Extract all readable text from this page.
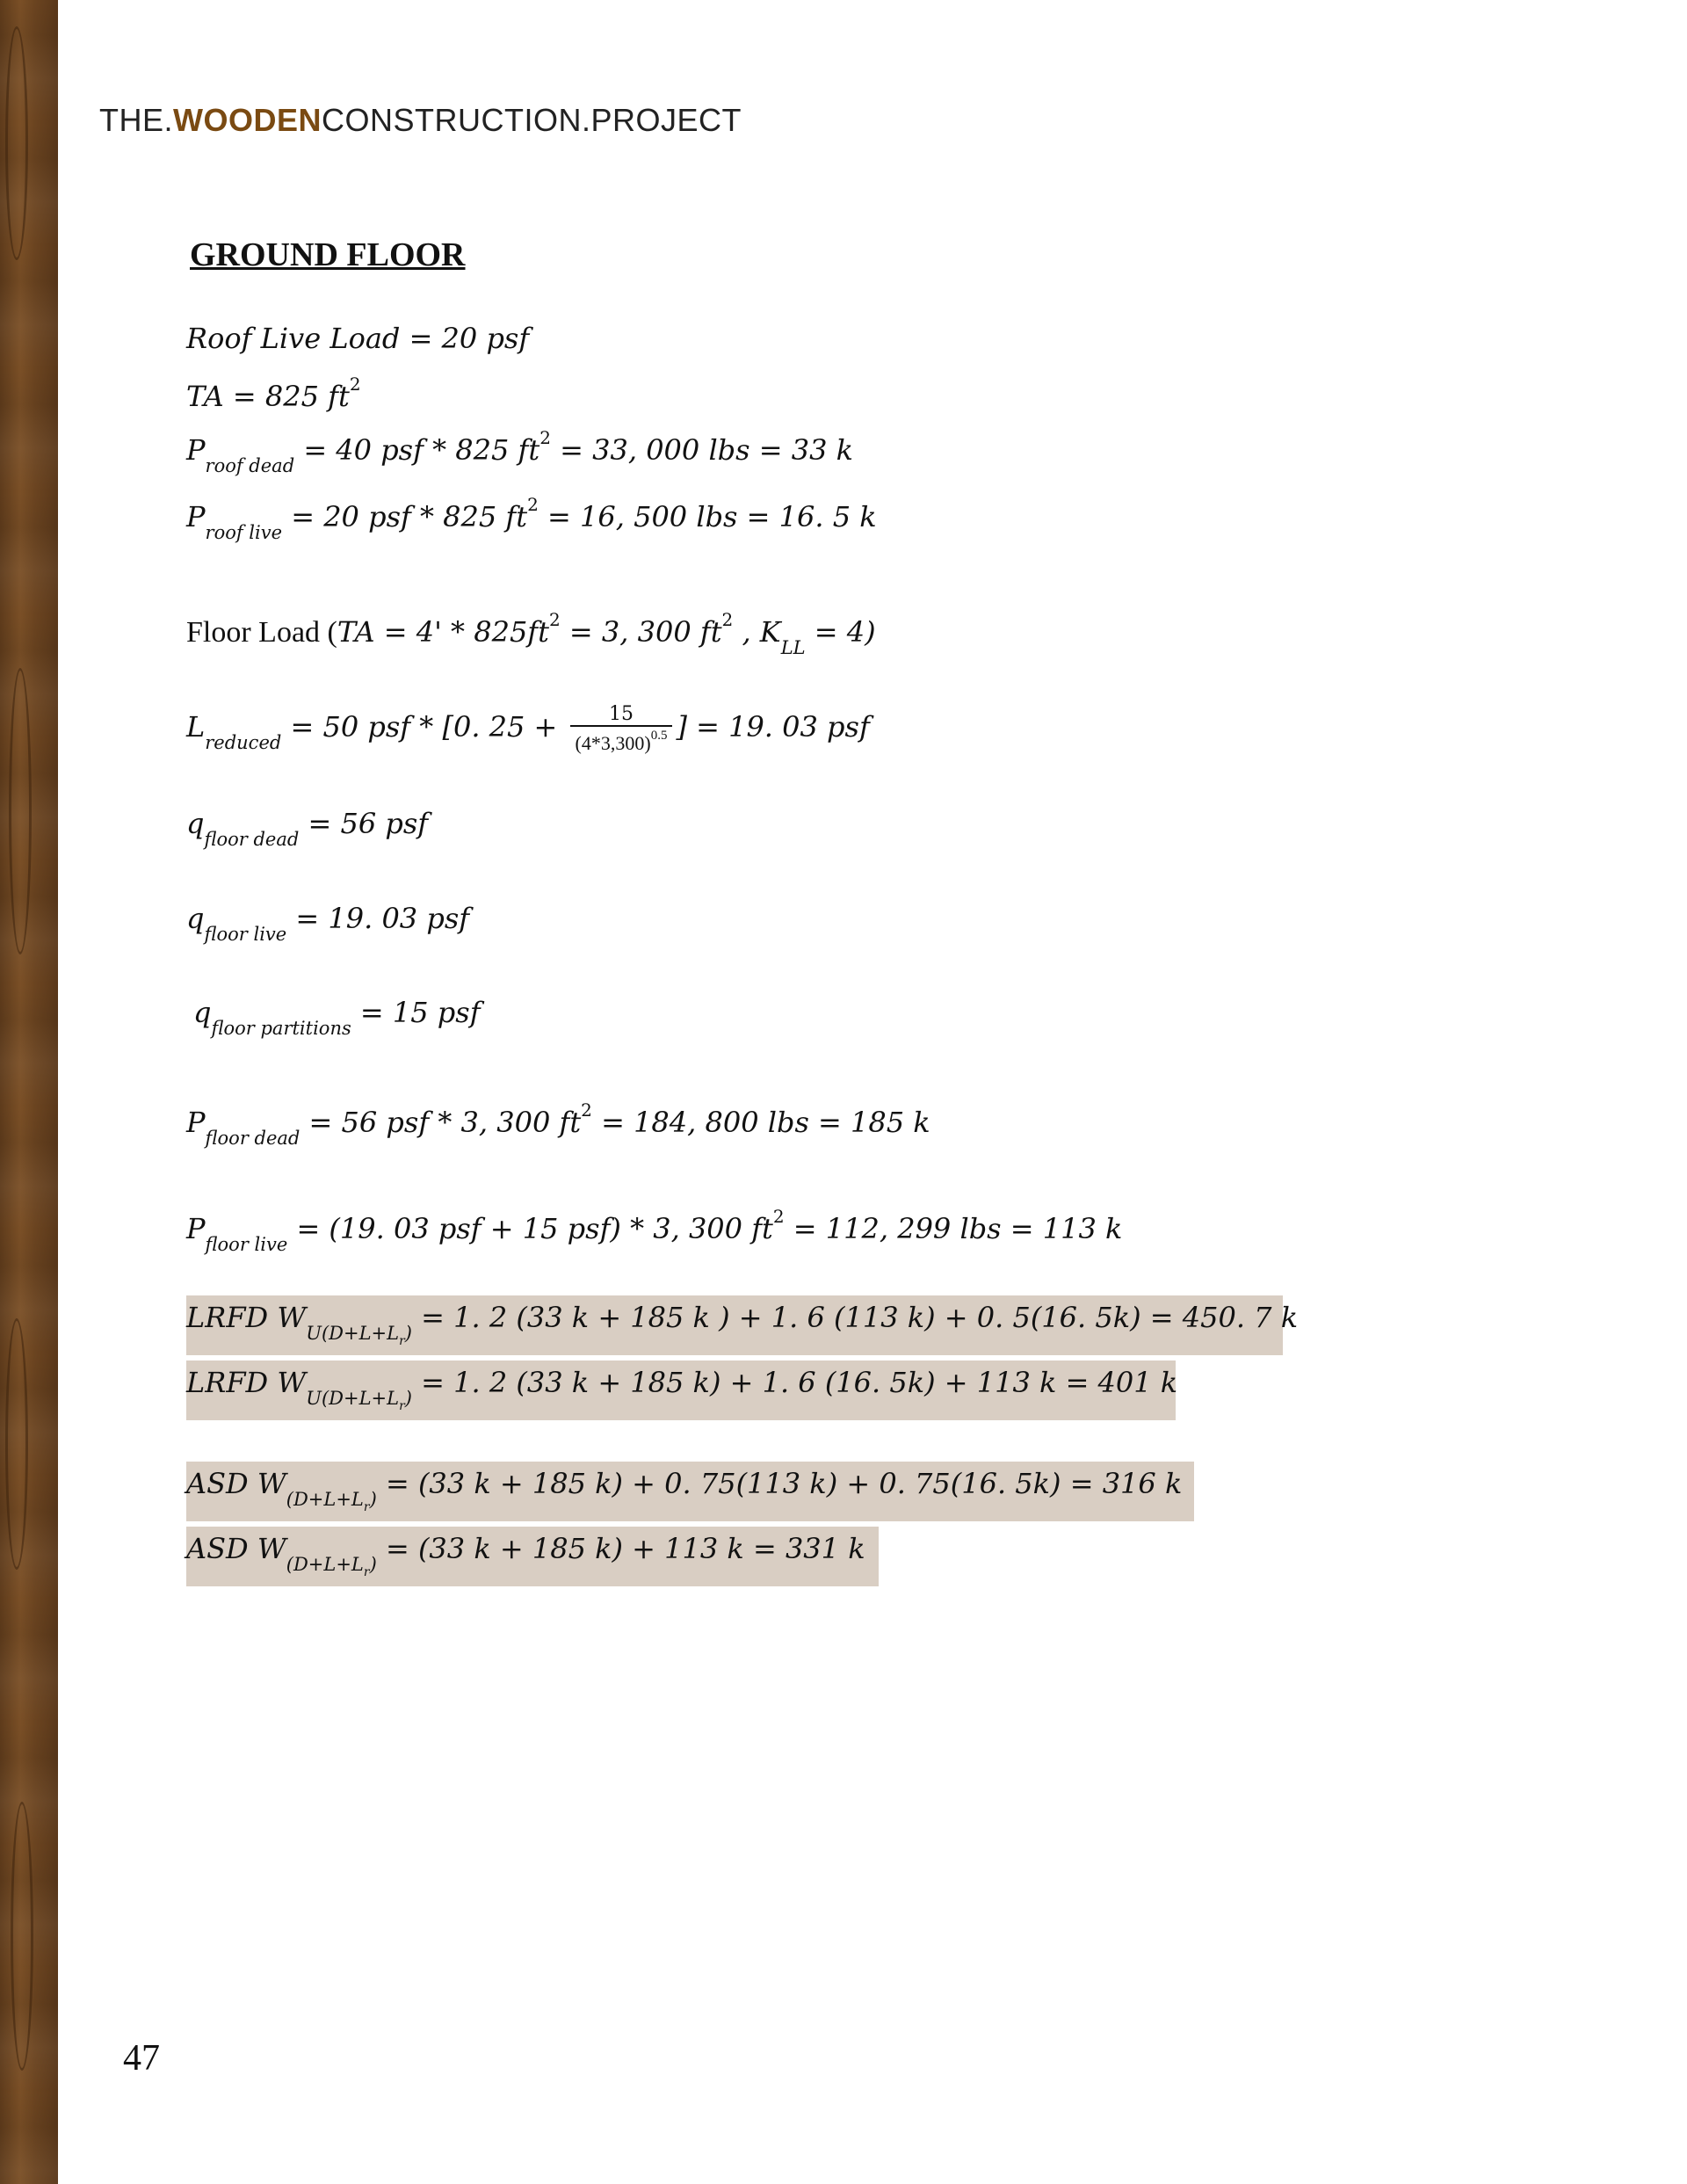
THE.WOODENCONSTRUCTION.PROJECT
GROUND FLOOR
Roof Live Load = 20 psf
TA = 825 $ft^2$
$P_{roof dead} = 40$ psf * 825 $ft^2 = 33$, 000 lbs = 33 k
$P_{roof live} = 20$ psf * 825 $ft^2 = 16$, 500 lbs = 16. 5 k
Floor Load ($TA = 4' * 825ft^2 = 3$, 300 $ft^2$ , $K_{LL} = 4$)
$L_{reduced} = 50$ psf * [0. $25 + \frac{15}{(4*3,300)^{0.5}}$ ] = 19. 03 psf
$q_{floor dead} = 56$ psf
$q_{floor live} = 19$. 03 psf
$q_{floor partitions} = 15$ psf
$P_{floor dead} = 56$ psf * 3, 300 $ft^2 = 184$, 800 lbs = 185 k
$P_{floor live} = (19$. 03 psf + 15 psf) * 3, 300 $ft^2 = 112$, 299 lbs = 113 k
LRFD $W_{U(D+L+L_r)} = 1$. 2 (33 k + 185 k ) + 1. 6 (113 k) + 0. 5(16. 5k) = 450. 7 k
LRFD $W_{U(D+L+L_r)} = 1$. 2 (33 k + 185 k) + 1. 6 (16. 5k) + 113 k = 401 k
ASD $W_{(D+L+L_r)} = (33$ k + 185 k) + 0. 75(113 k) + 0. 75(16. 5k) = 316 k
ASD $W_{(D+L+L_r)} = (33$ k + 185 k) + 113 k = 331 k
47
